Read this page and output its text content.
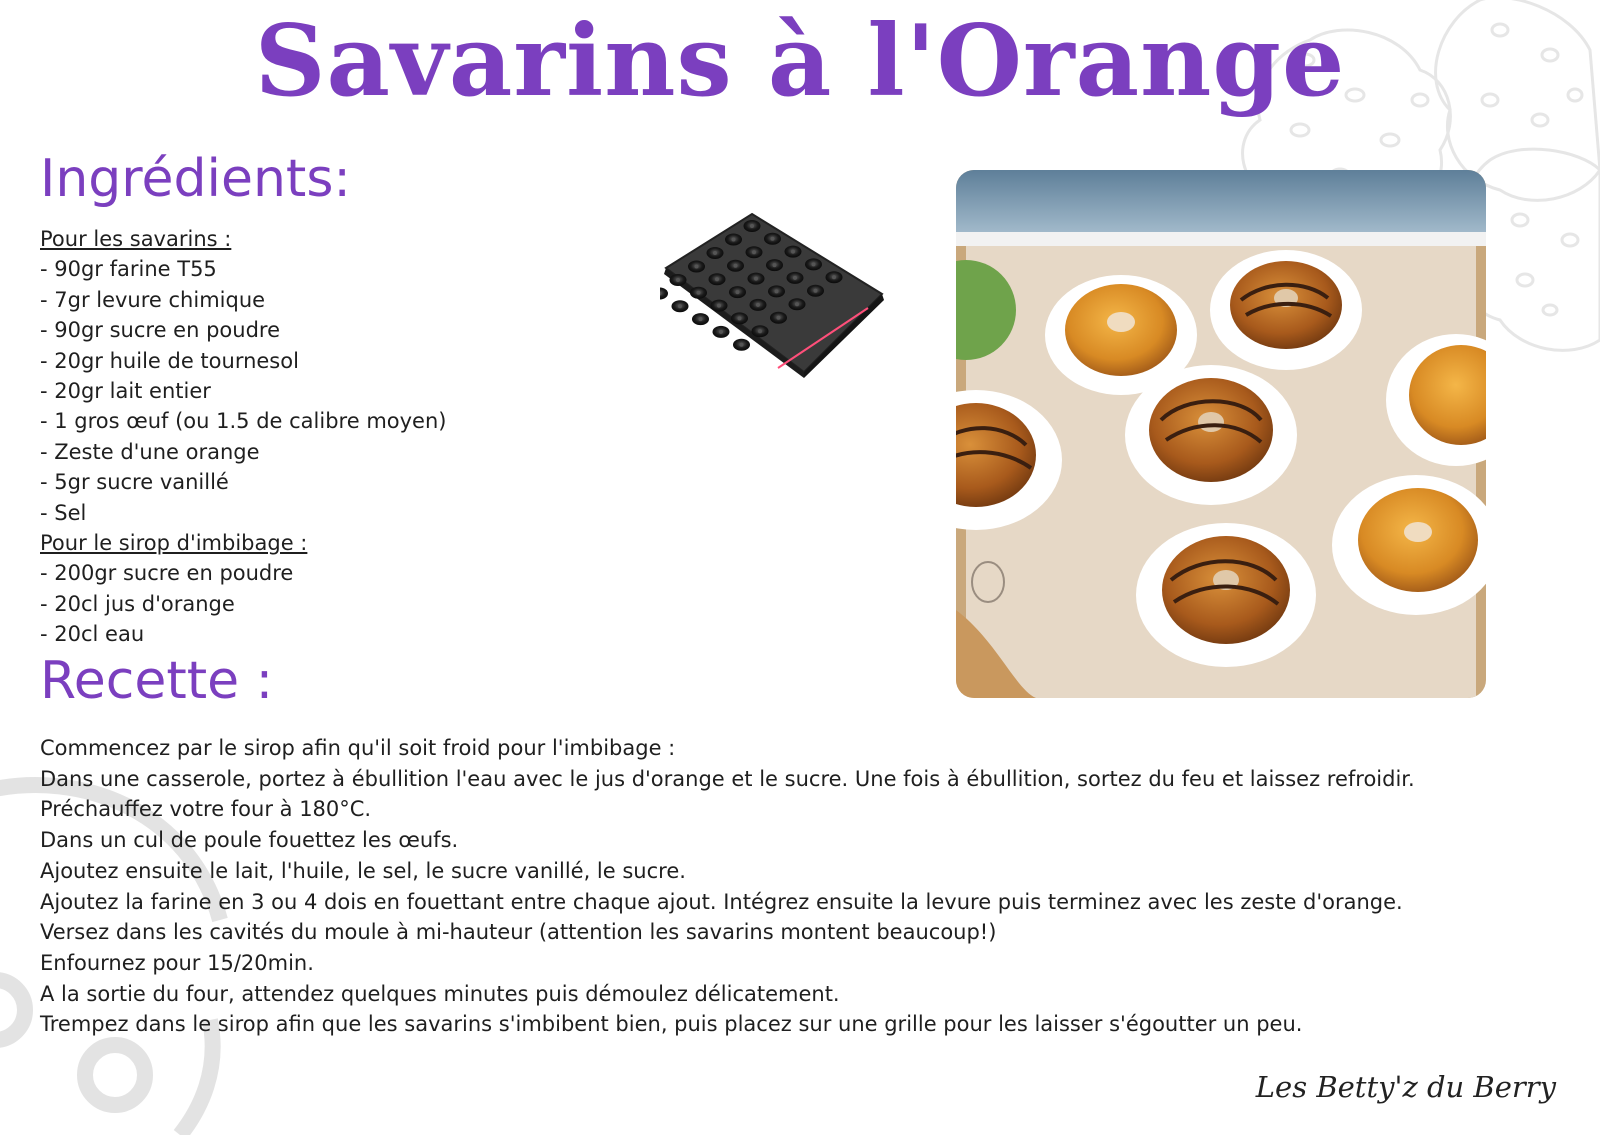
Savarins à l'Orange
Ingrédients:
Pour les savarins :
- 90gr farine T55
- 7gr levure chimique
- 90gr sucre en poudre
- 20gr huile de tournesol
- 20gr lait entier
- 1 gros œuf (ou 1.5 de calibre moyen)
- Zeste d'une orange
- 5gr sucre vanillé
- Sel
Pour le sirop d'imbibage :
- 200gr sucre en poudre
- 20cl jus d'orange
- 20cl eau
Recette :
Commencez par le sirop afin qu'il soit froid pour l'imbibage :
Dans une casserole, portez à ébullition l'eau avec le jus d'orange et le sucre. Une fois à ébullition, sortez du feu et laissez refroidir.
Préchauffez votre four à 180°C.
Dans un cul de poule fouettez les œufs.
Ajoutez ensuite le lait, l'huile, le sel, le sucre vanillé, le sucre.
Ajoutez la farine en 3 ou 4 dois en fouettant entre chaque ajout. Intégrez ensuite la levure puis terminez avec les zeste d'orange.
Versez dans les cavités du moule à mi-hauteur (attention les savarins montent beaucoup!)
Enfournez pour 15/20min.
A la sortie du four, attendez quelques minutes puis démoulez délicatement.
Trempez dans le sirop afin que les savarins s'imbibent bien, puis placez sur une grille pour les laisser s'égoutter un peu.
Les Betty'z du Berry
